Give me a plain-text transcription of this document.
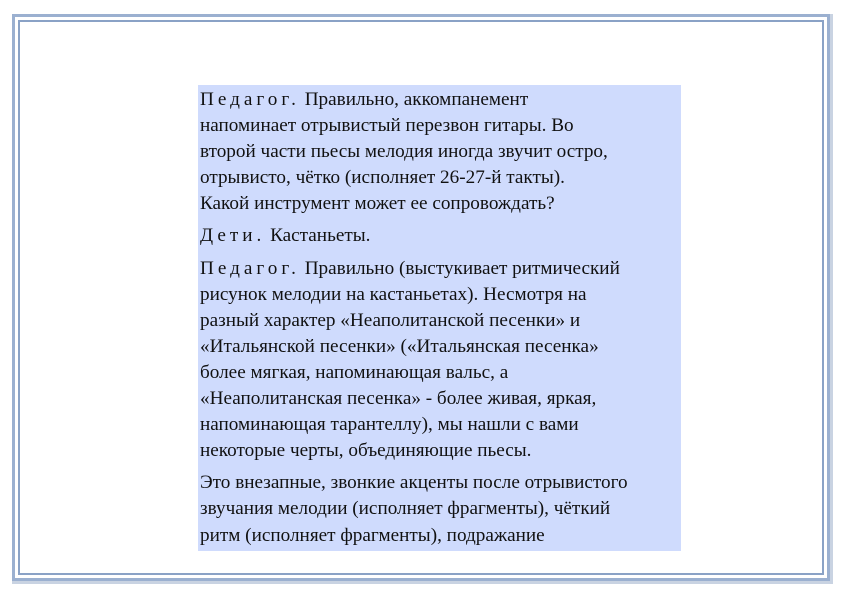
Педагог. Правильно, аккомпанемент
напоминает отрывистый перезвон гитары. Во
второй части пьесы мелодия иногда звучит остро,
отрывисто, чётко (исполняет 26-27-й такты).
Какой инструмент может ее сопровождать?
Дети. Кастаньеты.
Педагог. Правильно (выстукивает ритмический
рисунок мелодии на кастаньетах). Несмотря на
разный характер «Неаполитанской песенки» и
«Итальянской песенки» («Итальянская песенка»
более мягкая, напоминающая вальс, а
«Неаполитанская песенка» - более живая, яркая,
напоминающая тарантеллу), мы нашли с вами
некоторые черты, объединяющие пьесы.
Это внезапные, звонкие акценты после отрывистого
звучания мелодии (исполняет фрагменты), чёткий
ритм (исполняет фрагменты), подражание
